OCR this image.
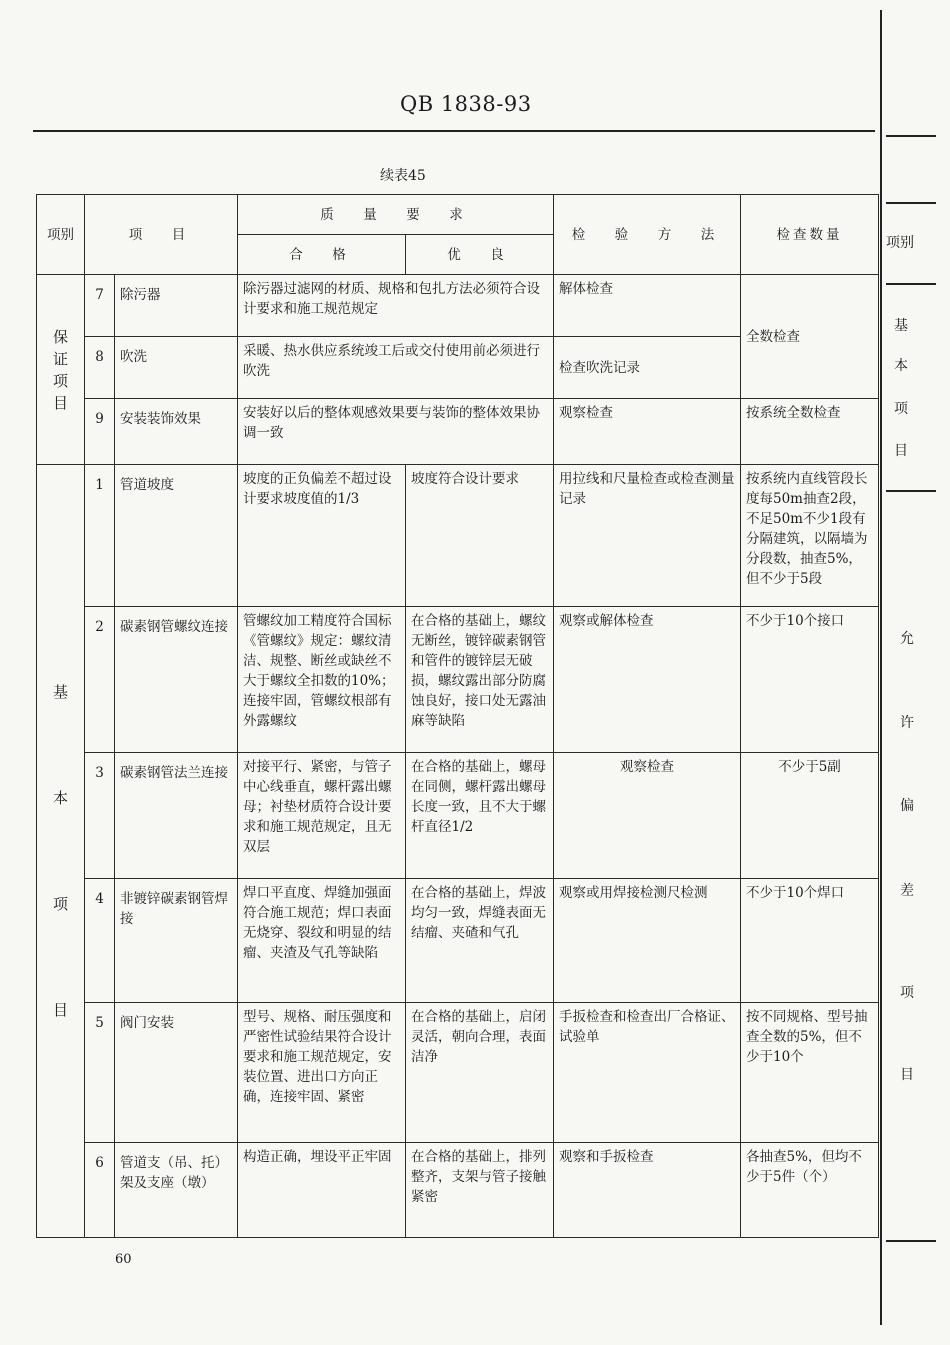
QB 1838-93
续表45
项别	项　目		质　量　要　求		检　验　方　法	检查数量
			合　格	优　良		

保
证
项
目	7	除污器	除污器过滤网的材质、规格和包扎方法必须符合设计要求和施工规范规定		解体检查	全数检查
	8	吹洗	采暖、热水供应系统竣工后或交付使用前必须进行吹洗		检查吹洗记录	
	9	安装装饰效果	安装好以后的整体观感效果要与装饰的整体效果协调一致		观察检查	按系统全数检查

基
本
项
目	1	管道坡度	坡度的正负偏差不超过设计要求坡度值的1/3	坡度符合设计要求	用拉线和尺量检查或检查测量记录	按系统内直线管段长度每50m抽查2段，不足50m不少1段有分隔建筑，以隔墙为分段数，抽查5%，但不少于5段
	2	碳素钢管螺纹连接	管螺纹加工精度符合国标《管螺纹》规定：螺纹清洁、规整、断丝或缺丝不大于螺纹全扣数的10%；连接牢固，管螺纹根部有外露螺纹	在合格的基础上，螺纹无断丝，镀锌碳素钢管和管件的镀锌层无破损，螺纹露出部分防腐蚀良好，接口处无露油麻等缺陷	观察或解体检查	不少于10个接口
	3	碳素钢管法兰连接	对接平行、紧密，与管子中心线垂直，螺杆露出螺母；衬垫材质符合设计要求和施工规范规定，且无双层	在合格的基础上，螺母在同侧，螺杆露出螺母长度一致，且不大于螺杆直径1/2	观察检查	不少于5副
	4	非镀锌碳素钢管焊接	焊口平直度、焊缝加强面符合施工规范；焊口表面无烧穿、裂纹和明显的结瘤、夹渣及气孔等缺陷	在合格的基础上，焊波均匀一致，焊缝表面无结瘤、夹碴和气孔	观察或用焊接检测尺检测	不少于10个焊口
	5	阀门安装	型号、规格、耐压强度和严密性试验结果符合设计要求和施工规范规定，安装位置、进出口方向正确，连接牢固、紧密	在合格的基础上，启闭灵活，朝向合理，表面洁净	手扳检查和检查出厂合格证、试验单	按不同规格、型号抽查全数的5%，但不少于10个
	6	管道支（吊、托）架及支座（墩）	构造正确，埋设平正牢固	在合格的基础上，排列整齐，支架与管子接触紧密	观察和手扳检查	各抽查5%，但均不少于5件（个）
60
项别
基
本
项
目
允
许
偏
差
项
目
